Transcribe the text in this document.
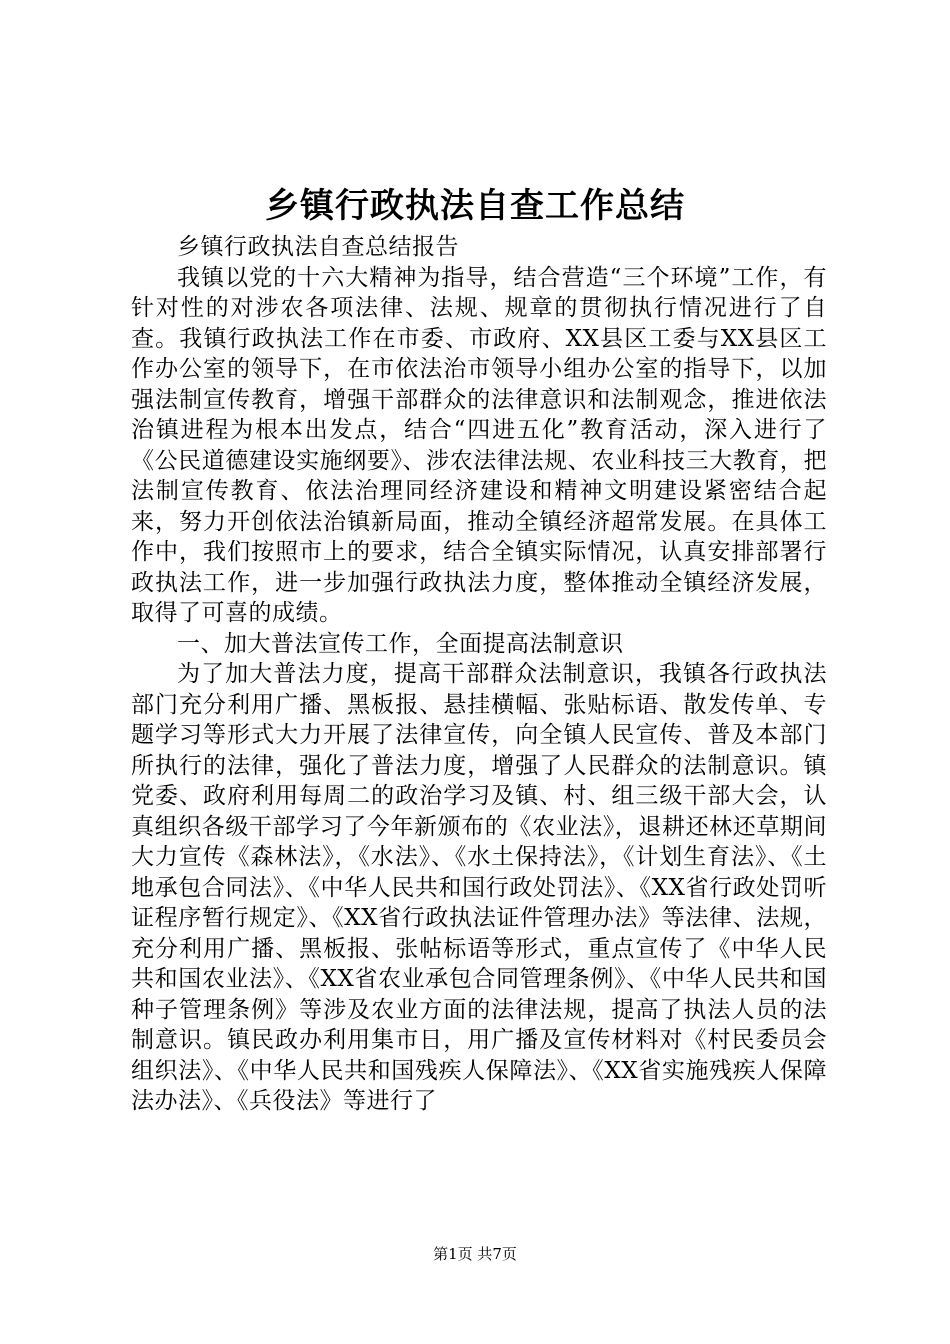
乡镇行政执法自查工作总结

乡镇行政执法自查总结报告

我镇以党的十六大精神为指导，结合营造“三个环境”工作，有针对性的对涉农各项法律、法规、规章的贯彻执行情况进行了自查。我镇行政执法工作在市委、市政府、XX县区工委与XX县区工作办公室的领导下，在市依法治市领导小组办公室的指导下，以加强法制宣传教育，增强干部群众的法律意识和法制观念，推进依法治镇进程为根本出发点，结合“四进五化”教育活动，深入进行了《公民道德建设实施纲要》、涉农法律法规、农业科技三大教育，把法制宣传教育、依法治理同经济建设和精神文明建设紧密结合起来，努力开创依法治镇新局面，推动全镇经济超常发展。在具体工作中，我们按照市上的要求，结合全镇实际情况，认真安排部署行政执法工作，进一步加强行政执法力度，整体推动全镇经济发展，取得了可喜的成绩。

一、加大普法宣传工作，全面提高法制意识

为了加大普法力度，提高干部群众法制意识，我镇各行政执法部门充分利用广播、黑板报、悬挂横幅、张贴标语、散发传单、专题学习等形式大力开展了法律宣传，向全镇人民宣传、普及本部门所执行的法律，强化了普法力度，增强了人民群众的法制意识。镇党委、政府利用每周二的政治学习及镇、村、组三级干部大会，认真组织各级干部学习了今年新颁布的《农业法》，退耕还林还草期间大力宣传《森林法》，《水法》、《水土保持法》，《计划生育法》、《土地承包合同法》、《中华人民共和国行政处罚法》、《XX省行政处罚听证程序暂行规定》、《XX省行政执法证件管理办法》等法律、法规，充分利用广播、黑板报、张帖标语等形式，重点宣传了《中华人民共和国农业法》、《XX省农业承包合同管理条例》、《中华人民共和国种子管理条例》等涉及农业方面的法律法规，提高了执法人员的法制意识。镇民政办利用集市日，用广播及宣传材料对《村民委员会组织法》、《中华人民共和国残疾人保障法》、《XX省实施残疾人保障法办法》、《兵役法》等进行了

第1页 共7页
